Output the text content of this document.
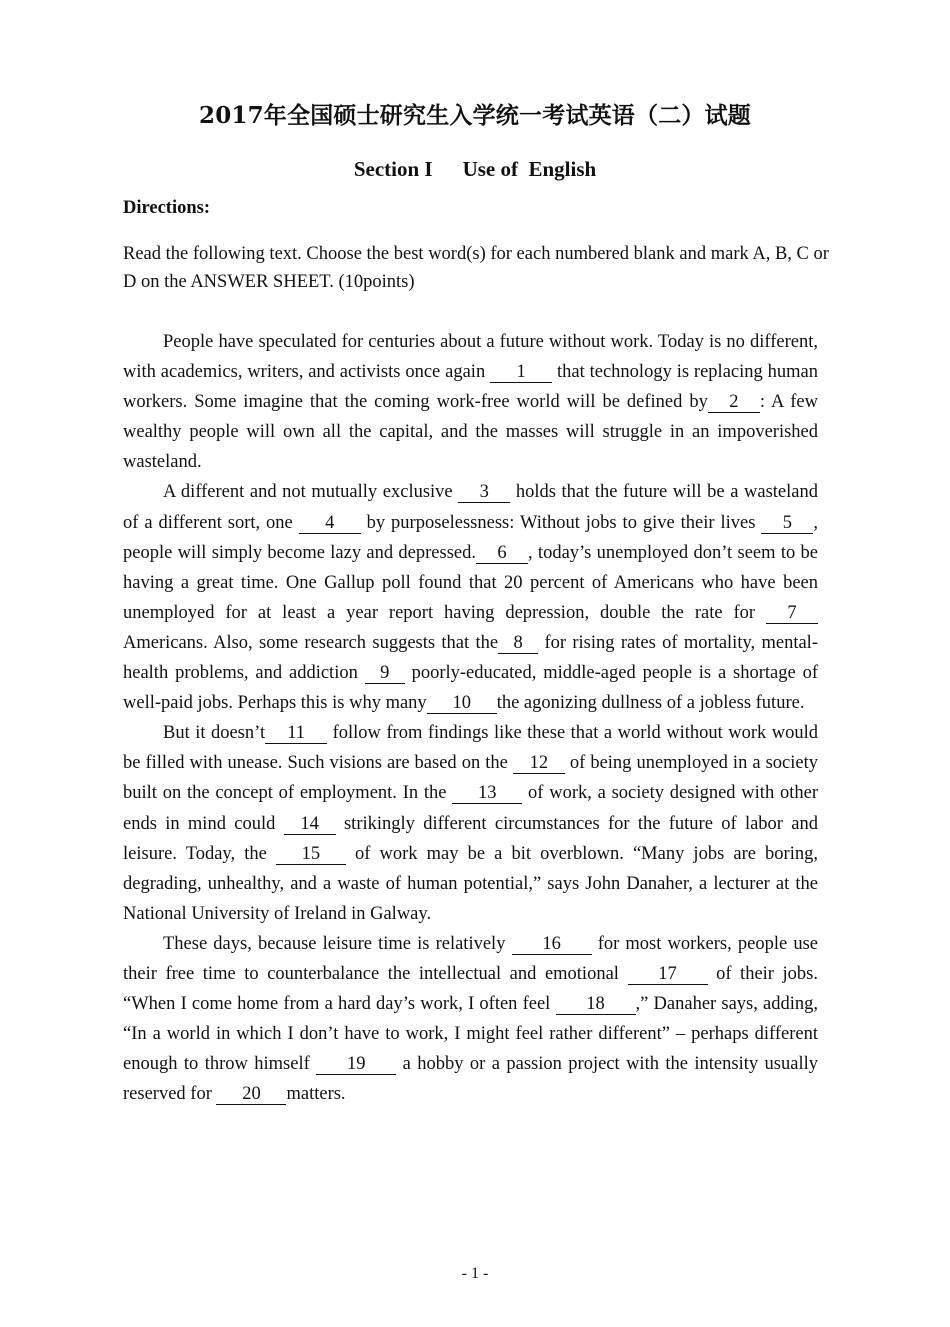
2017年全国硕士研究生入学统一考试英语（二）试题
Section I Use of  English
Directions:
Read the following text. Choose the best word(s) for each numbered blank and mark A, B, C or D on the ANSWER SHEET. (10points)

People have speculated for centuries about a future without work. Today is no different, with academics, writers, and activists once again 1 that technology is replacing human workers. Some imagine that the coming work-free world will be defined by 2 : A few wealthy people will own all the capital, and the masses will struggle in an impoverished wasteland.

A different and not mutually exclusive 3 holds that the future will be a wasteland of a different sort, one 4 by purposelessness: Without jobs to give their lives 5 , people will simply become lazy and depressed. 6 , today’s unemployed don’t seem to be having a great time. One Gallup poll found that 20 percent of Americans who have been unemployed for at least a year report having depression, double the rate for 7 Americans. Also, some research suggests that the 8 for rising rates of mortality, mental-health problems, and addiction 9 poorly-educated, middle-aged people is a shortage of well-paid jobs. Perhaps this is why many 10 the agonizing dullness of a jobless future.

But it doesn’t 11 follow from findings like these that a world without work would be filled with unease. Such visions are based on the 12 of being unemployed in a society built on the concept of employment. In the 13 of work, a society designed with other ends in mind could 14 strikingly different circumstances for the future of labor and leisure. Today, the 15 of work may be a bit overblown. “Many jobs are boring, degrading, unhealthy, and a waste of human potential,” says John Danaher, a lecturer at the National University of Ireland in Galway.

These days, because leisure time is relatively 16 for most workers, people use their free time to counterbalance the intellectual and emotional 17 of their jobs. “When I come home from a hard day’s work, I often feel 18 ,” Danaher says, adding, “In a world in which I don’t have to work, I might feel rather different” – perhaps different enough to throw himself 19 a hobby or a passion project with the intensity usually reserved for 20 matters.

- 1 -
